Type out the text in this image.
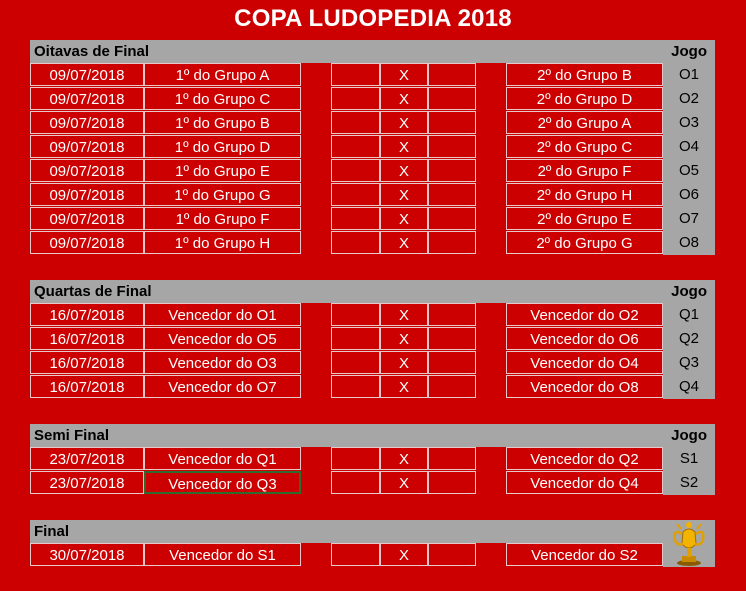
COPA LUDOPEDIA 2018
Oitavas de Final	Jogo
09/07/2018	1º do Grupo A	X	2º do Grupo B	O1
09/07/2018	1º do Grupo C	X	2º do Grupo D	O2
09/07/2018	1º do Grupo B	X	2º do Grupo A	O3
09/07/2018	1º do Grupo D	X	2º do Grupo C	O4
09/07/2018	1º do Grupo E	X	2º do Grupo F	O5
09/07/2018	1º do Grupo G	X	2º do Grupo H	O6
09/07/2018	1º do Grupo F	X	2º do Grupo E	O7
09/07/2018	1º do Grupo H	X	2º do Grupo G	O8
Quartas de Final	Jogo
16/07/2018	Vencedor do O1	X	Vencedor do O2	Q1
16/07/2018	Vencedor do O5	X	Vencedor do O6	Q2
16/07/2018	Vencedor do O3	X	Vencedor do O4	Q3
16/07/2018	Vencedor do O7	X	Vencedor do O8	Q4
Semi Final	Jogo
23/07/2018	Vencedor do Q1	X	Vencedor do Q2	S1
23/07/2018	Vencedor do Q3	X	Vencedor do Q4	S2
Final
30/07/2018	Vencedor do S1	X	Vencedor do S2
